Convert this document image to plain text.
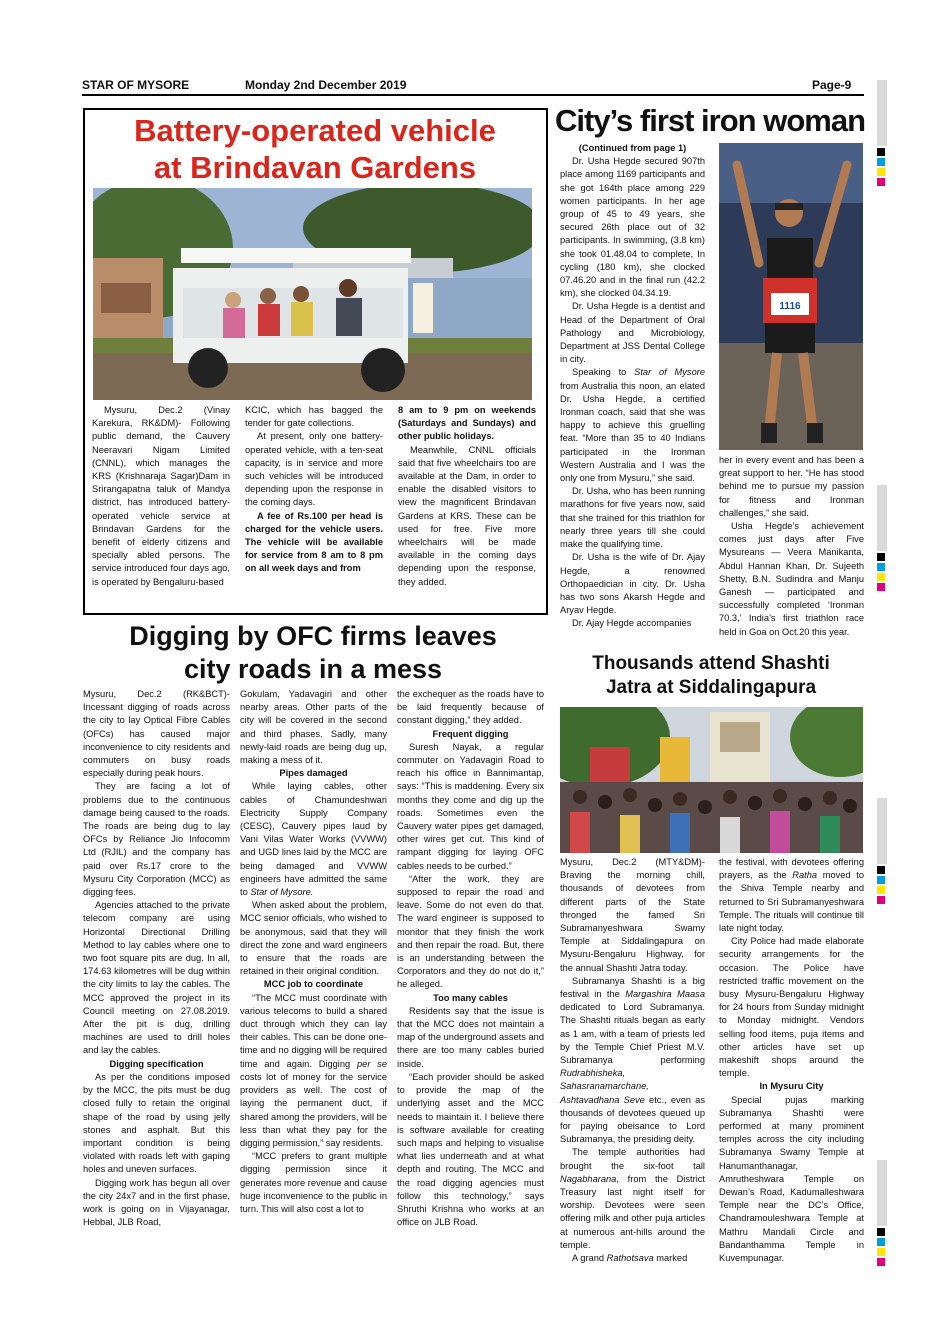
STAR OF MYSORE	Monday 2nd December 2019	Page-9
Battery-operated vehicle
at Brindavan Gardens

Mysuru, Dec.2 (Vinay Karekura, RK&DM)- Following public demand, the Cauvery Neeravari Nigam Limited (CNNL), which manages the KRS (Krishnaraja Sagar)Dam in Srirangapatna taluk of Mandya district, has introduced battery-operated vehicle service at Brindavan Gardens for the benefit of elderly citizens and specially abled persons. The service introduced four days ago, is operated by Bengaluru-based

KCIC, which has bagged the tender for gate collections.

At present, only one battery-operated vehicle, with a ten-seat capacity, is in service and more such vehicles will be introduced depending upon the response in the coming days.

A fee of Rs.100 per head is charged for the vehicle users. The vehicle will be available for service from 8 am to 8 pm on all week days and from

8 am to 9 pm on weekends (Saturdays and Sundays) and other public holidays.

Meanwhile, CNNL officials said that five wheelchairs too are available at the Dam, in order to enable the disabled visitors to view the magnificent Brindavan Gardens at KRS. These can be used for free. Five more wheelchairs will be made available in the coming days depending upon the response, they added.

City’s first iron woman

(Continued from page 1)

Dr. Usha Hegde secured 907th place among 1169 participants and she got 164th place among 229 women participants. In her age group of 45 to 49 years, she secured 26th place out of 32 participants. In swimming, (3.8 km) she took 01.48.04 to complete, In cycling (180 km), she clocked 07.46.20 and in the final run (42.2 km), she clocked 04.34.19.

Dr. Usha Hegde is a dentist and Head of the Department of Oral Pathology and Microbiology, Department at JSS Dental College in city.

Speaking to Star of Mysore from Australia this noon, an elated Dr. Usha Hegde, a certified Ironman coach, said that she was happy to achieve this gruelling feat. “More than 35 to 40 Indians participated in the Ironman Western Australia and I was the only one from Mysuru,” she said.

Dr. Usha, who has been running marathons for five years now, said that she trained for this triathlon for nearly three years till she could make the qualifying time.

Dr. Usha is the wife of Dr. Ajay Hegde, a renowned Orthopaedician in city. Dr. Usha has two sons Akarsh Hegde and Aryav Hegde.

Dr. Ajay Hegde accompanies

1116

her in every event and has been a great support to her. “He has stood behind me to pursue my passion for fitness and Ironman challenges,” she said.

Usha Hegde’s achievement comes just days after Five Mysureans — Veera Manikanta, Abdul Hannan Khan, Dr. Sujeeth Shetty, B.N. Sudindra and Manju Ganesh — participated and successfully completed ‘Ironman 70.3,’ India’s first triathlon race held in Goa on Oct.20 this year.

Digging by OFC firms leaves
city roads in a mess

Mysuru, Dec.2 (RK&BCT)- Incessant digging of roads across the city to lay Optical Fibre Cables (OFCs) has caused major inconvenience to city residents and commuters on busy roads especially during peak hours.

They are facing a lot of problems due to the continuous damage being caused to the roads. The roads are being dug to lay OFCs by Reliance Jio Infocomm Ltd (RJIL) and the company has paid over Rs.17 crore to the Mysuru City Corporation (MCC) as digging fees.

Agencies attached to the private telecom company are using Horizontal Directional Drilling Method to lay cables where one to two foot square pits are dug. In all, 174.63 kilometres will be dug within the city limits to lay the cables. The MCC approved the project in its Council meeting on 27.08.2019. After the pit is dug, drilling machines are used to drill holes and lay the cables.

Digging specification

As per the conditions imposed by the MCC, the pits must be dug closed fully to retain the original shape of the road by using jelly stones and asphalt. But this important condition is being violated with roads left with gaping holes and uneven surfaces.

Digging work has begun all over the city 24x7 and in the first phase, work is going on in Vijayanagar, Hebbal, JLB Road,

Gokulam, Yadavagiri and other nearby areas. Other parts of the city will be covered in the second and third phases. Sadly, many newly-laid roads are being dug up, making a mess of it.

Pipes damaged

While laying cables, other cables of Chamundeshwari Electricity Supply Company (CESC), Cauvery pipes laud by Vani Vilas Water Works (VVWW) and UGD lines laid by the MCC are being damaged and VVWW engineers have admitted the same to Star of Mysore.

When asked about the problem, MCC senior officials, who wished to be anonymous, said that they will direct the zone and ward engineers to ensure that the roads are retained in their original condition.

MCC job to coordinate

“The MCC must coordinate with various telecoms to build a shared duct through which they can lay their cables. This can be done one-time and no digging will be required time and again. Digging per se costs lot of money for the service providers as well. The cost of laying the permanent duct, if shared among the providers, will be less than what they pay for the digging permission,” say residents.

“MCC prefers to grant multiple digging permission since it generates more revenue and cause huge inconvenience to the public in turn. This will also cost a lot to

the exchequer as the roads have to be laid frequently because of constant digging,” they added.

Frequent digging

Suresh Nayak, a regular commuter on Yadavagiri Road to reach his office in Bannimantap, says: “This is maddening. Every six months they come and dig up the roads. Sometimes even the Cauvery water pipes get damaged, other wires get cut. This kind of rampant digging for laying OFC cables needs to be curbed.”

“After the work, they are supposed to repair the road and leave. Some do not even do that. The ward engineer is supposed to monitor that they finish the work and then repair the road. But, there is an understanding between the Corporators and they do not do it,” he alleged.

Too many cables

Residents say that the issue is that the MCC does not maintain a map of the underground assets and there are too many cables buried inside.

“Each provider should be asked to provide the map of the underlying asset and the MCC needs to maintain it. I believe there is software available for creating such maps and helping to visualise what lies underneath and at what depth and routing. The MCC and the road digging agencies must follow this technology,” says Shruthi Krishna who works at an office on JLB Road.

Thousands attend Shashti
Jatra at Siddalingapura

Mysuru, Dec.2 (MTY&DM)- Braving the morning chill, thousands of devotees from different parts of the State thronged the famed Sri Subramanyeshwara Swamy Temple at Siddalingapura on Mysuru-Bengaluru Highway, for the annual Shashti Jatra today.

Subramanya Shashti is a big festival in the Margashira Maasa dedicated to Lord Subramanya. The Shashti rituals began as early as 1 am, with a team of priests led by the Temple Chief Priest M.V. Subramanya performing Rudrabhisheka, Sahasranamarchane, Ashtavadhana Seve etc., even as thousands of devotees queued up for paying obeisance to Lord Subramanya, the presiding deity.

The temple authorities had brought the six-foot tall Nagabharana, from the District Treasury last night itself for worship. Devotees were seen offering milk and other puja articles at numerous ant-hills around the temple.

A grand Rathotsava marked

the festival, with devotees offering prayers, as the Ratha moved to the Shiva Temple nearby and returned to Sri Subramanyeshwara Temple. The rituals will continue till late night today.

City Police had made elaborate security arrangements for the occasion. The Police have restricted traffic movement on the busy Mysuru-Bengaluru Highway for 24 hours from Sunday midnight to Monday midnight. Vendors selling food items, puja items and other articles have set up makeshift shops around the temple.

In Mysuru City

Special pujas marking Subramanya Shashti were performed at many prominent temples across the city including Subramanya Swamy Temple at Hanumanthanagar, Amrutheshwara Temple on Dewan’s Road, Kadumalleshwara Temple near the DC’s Office, Chandramouleshwara Temple at Mathru Mandali Circle and Bandanthamma Temple in Kuvempunagar.
